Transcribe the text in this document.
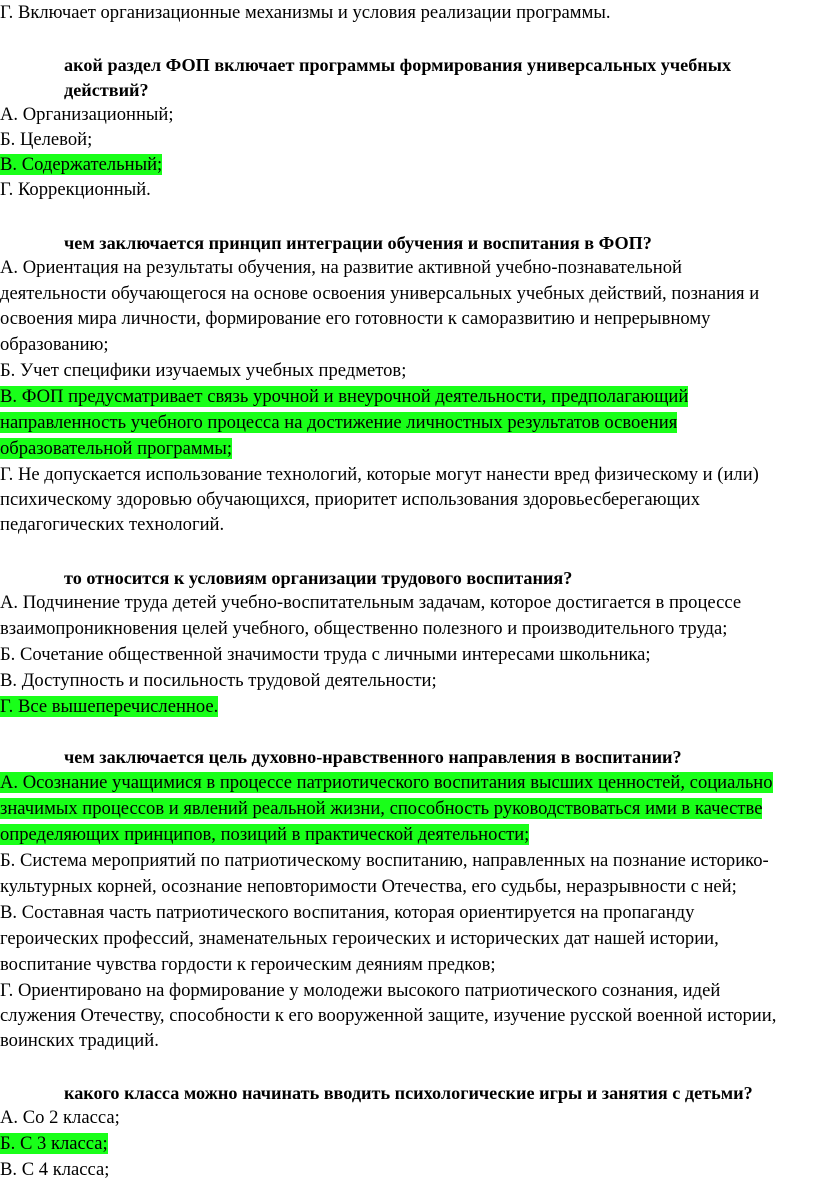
Г. Включает организационные механизмы и условия реализации программы.
акой раздел ФОП включает программы формирования универсальных учебных
действий?
А. Организационный;
Б. Целевой;
В. Содержательный;
Г. Коррекционный.
чем заключается принцип интеграции обучения и воспитания в ФОП?
А. Ориентация на результаты обучения, на развитие активной учебно-познавательной
деятельности обучающегося на основе освоения универсальных учебных действий, познания и
освоения мира личности, формирование его готовности к саморазвитию и непрерывному
образованию;
Б. Учет специфики изучаемых учебных предметов;
В. ФОП предусматривает связь урочной и внеурочной деятельности, предполагающий
направленность учебного процесса на достижение личностных результатов освоения
образовательной программы;
Г. Не допускается использование технологий, которые могут нанести вред физическому и (или)
психическому здоровью обучающихся, приоритет использования здоровьесберегающих
педагогических технологий.
то относится к условиям организации трудового воспитания?
А. Подчинение труда детей учебно-воспитательным задачам, которое достигается в процессе
взаимопроникновения целей учебного, общественно полезного и производительного труда;
Б. Сочетание общественной значимости труда с личными интересами школьника;
В. Доступность и посильность трудовой деятельности;
Г. Все вышеперечисленное.
чем заключается цель духовно-нравственного направления в воспитании?
А. Осознание учащимися в процессе патриотического воспитания высших ценностей, социально
значимых процессов и явлений реальной жизни, способность руководствоваться ими в качестве
определяющих принципов, позиций в практической деятельности;
Б. Система мероприятий по патриотическому воспитанию, направленных на познание историко-
культурных корней, осознание неповторимости Отечества, его судьбы, неразрывности с ней;
В. Составная часть патриотического воспитания, которая ориентируется на пропаганду
героических профессий, знаменательных героических и исторических дат нашей истории,
воспитание чувства гордости к героическим деяниям предков;
Г. Ориентировано на формирование у молодежи высокого патриотического сознания, идей
служения Отечеству, способности к его вооруженной защите, изучение русской военной истории,
воинских традиций.
какого класса можно начинать вводить психологические игры и занятия с детьми?
А. Со 2 класса;
Б. С 3 класса;
В. С 4 класса;
